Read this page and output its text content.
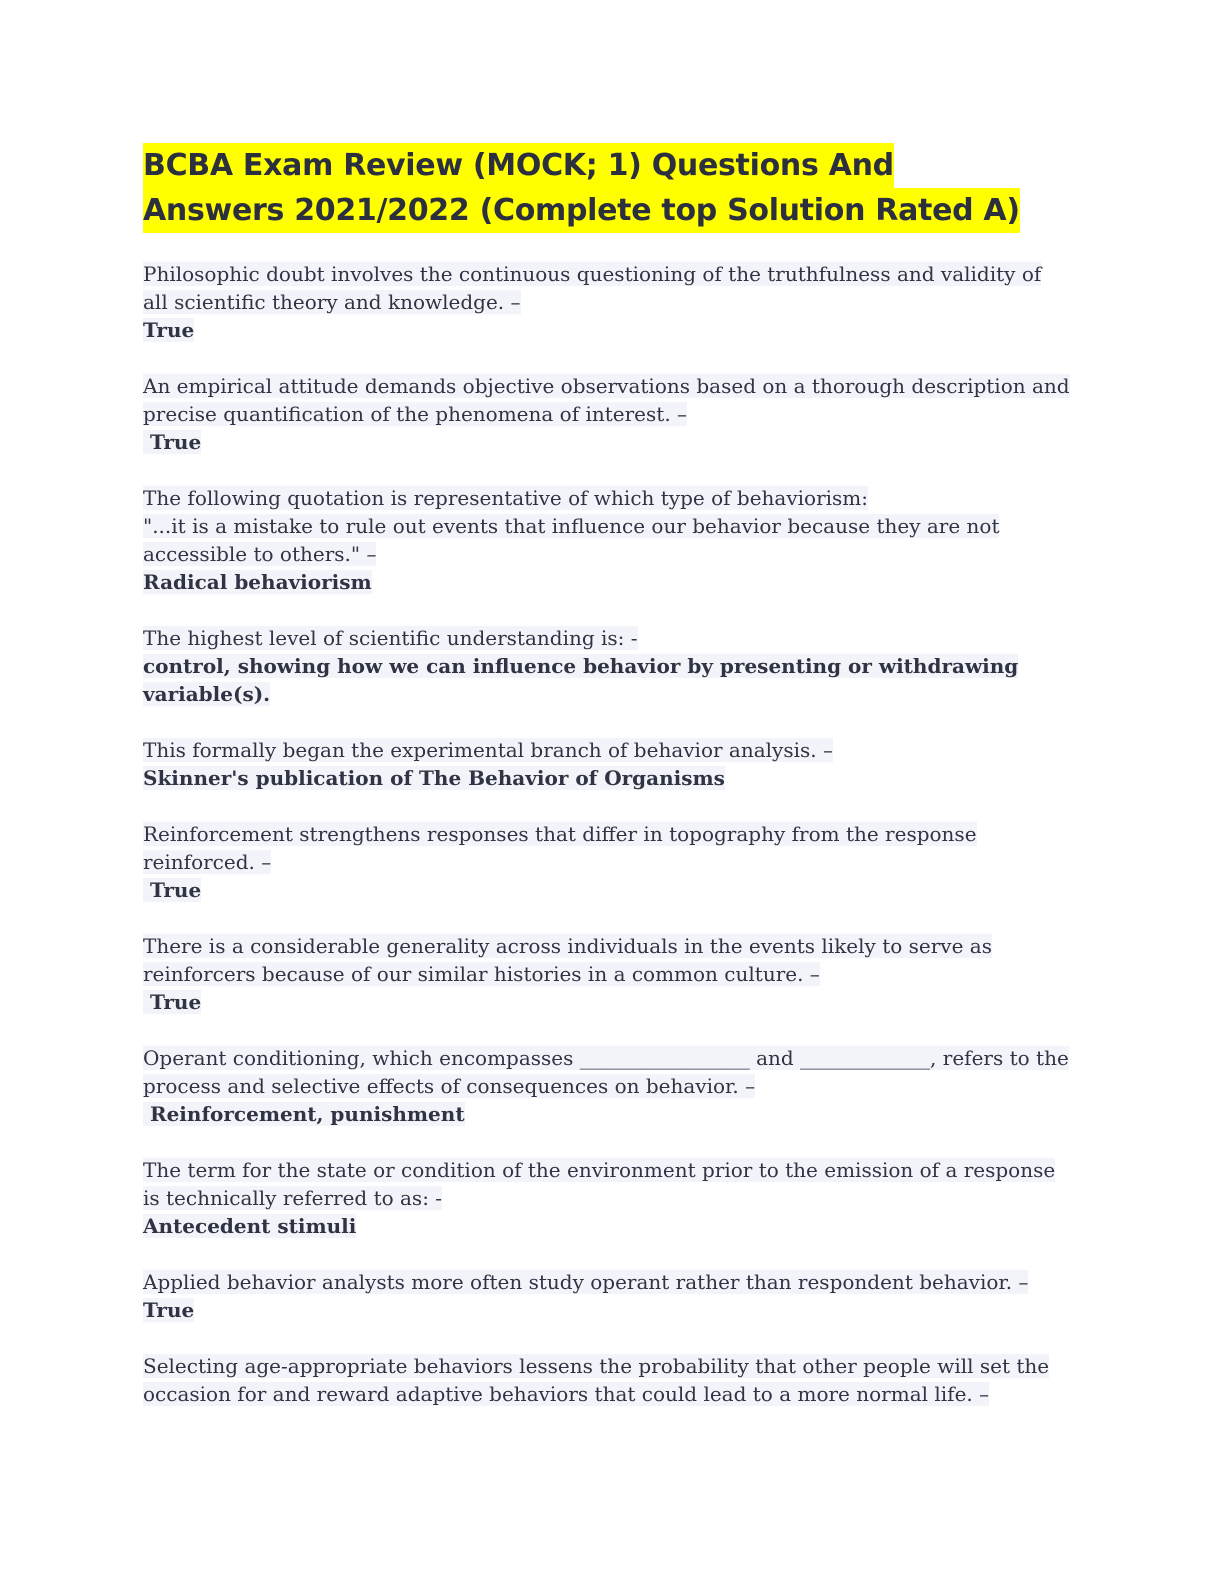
BCBA Exam Review (MOCK; 1) Questions And
Answers 2021/2022 (Complete top Solution Rated A)
Philosophic doubt involves the continuous questioning of the truthfulness and validity of
all scientific theory and knowledge. –
True
An empirical attitude demands objective observations based on a thorough description and
precise quantification of the phenomena of interest. –
True
The following quotation is representative of which type of behaviorism:
"...it is a mistake to rule out events that influence our behavior because they are not
accessible to others." –
Radical behaviorism
The highest level of scientific understanding is: -
control, showing how we can influence behavior by presenting or withdrawing
variable(s).
This formally began the experimental branch of behavior analysis. –
Skinner's publication of The Behavior of Organisms
Reinforcement strengthens responses that differ in topography from the response
reinforced. –
True
There is a considerable generality across individuals in the events likely to serve as
reinforcers because of our similar histories in a common culture. –
True
Operant conditioning, which encompasses _________________ and _____________, refers to the
process and selective effects of consequences on behavior. –
Reinforcement, punishment
The term for the state or condition of the environment prior to the emission of a response
is technically referred to as: -
Antecedent stimuli
Applied behavior analysts more often study operant rather than respondent behavior. –
True
Selecting age-appropriate behaviors lessens the probability that other people will set the
occasion for and reward adaptive behaviors that could lead to a more normal life. –
